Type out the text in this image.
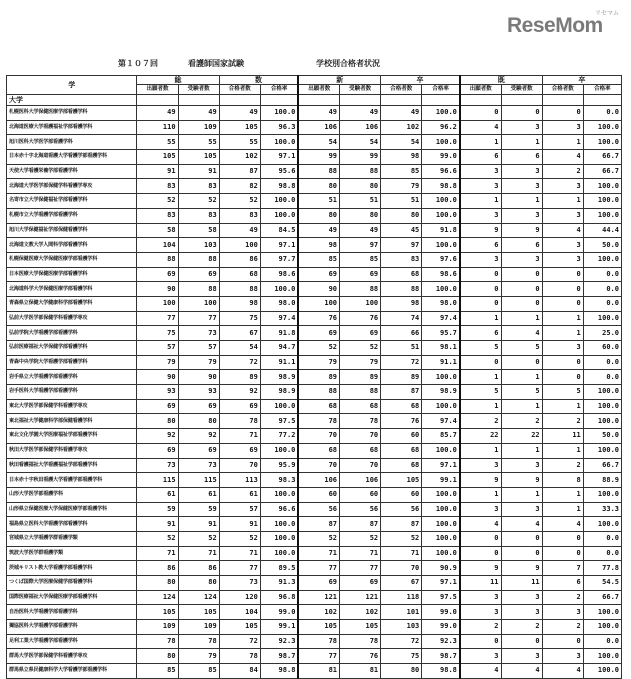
ReseMom
リセマム
第１０７回　	看護師国家試験	学校別合格者状況
学	総		数		新		卒		既		卒	
	出願者数	受験者数	合格者数	合格率	出願者数	受験者数	合格者数	合格率	出願者数	受験者数	合格者数	合格率
大学												
札幌医科大学保健医療学部看護学科	49	49	49	100.0	49	49	49	100.0	0	0	0	0.0
北海道医療大学看護福祉学部看護学科	110	109	105	96.3	106	106	102	96.2	4	3	3	100.0
旭川医科大学医学部看護学科	55	55	55	100.0	54	54	54	100.0	1	1	1	100.0
日本赤十字北海道看護大学看護学部看護学科	105	105	102	97.1	99	99	98	99.0	6	6	4	66.7
天使大学看護栄養学部看護学科	91	91	87	95.6	88	88	85	96.6	3	3	2	66.7
北海道大学医学部保健学科看護学専攻	83	83	82	98.8	80	80	79	98.8	3	3	3	100.0
名寄市立大学保健福祉学部看護学科	52	52	52	100.0	51	51	51	100.0	1	1	1	100.0
札幌市立大学看護学部看護学科	83	83	83	100.0	80	80	80	100.0	3	3	3	100.0
旭川大学保健福祉学部保健看護学科	58	58	49	84.5	49	49	45	91.8	9	9	4	44.4
北海道文教大学人間科学部看護学科	104	103	100	97.1	98	97	97	100.0	6	6	3	50.0
札幌保健医療大学保健医療学部看護学科	88	88	86	97.7	85	85	83	97.6	3	3	3	100.0
日本医療大学保健医療学部看護学科	69	69	68	98.6	69	69	68	98.6	0	0	0	0.0
北海道科学大学保健医療学部看護学科	90	88	88	100.0	90	88	88	100.0	0	0	0	0.0
青森県立保健大学健康科学部看護学科	100	100	98	98.0	100	100	98	98.0	0	0	0	0.0
弘前大学医学部保健学科看護学専攻	77	77	75	97.4	76	76	74	97.4	1	1	1	100.0
弘前学院大学看護学部看護学科	75	73	67	91.8	69	69	66	95.7	6	4	1	25.0
弘前医療福祉大学保健学部看護学科	57	57	54	94.7	52	52	51	98.1	5	5	3	60.0
青森中央学院大学看護学部看護学科	79	79	72	91.1	79	79	72	91.1	0	0	0	0.0
岩手県立大学看護学部看護学科	90	90	89	98.9	89	89	89	100.0	1	1	0	0.0
岩手医科大学看護学部看護学科	93	93	92	98.9	88	88	87	98.9	5	5	5	100.0
東北大学医学部保健学科看護学専攻	69	69	69	100.0	68	68	68	100.0	1	1	1	100.0
東北福祉大学健康科学部保健看護学科	80	80	78	97.5	78	78	76	97.4	2	2	2	100.0
東北文化学園大学医療福祉学部看護学科	92	92	71	77.2	70	70	60	85.7	22	22	11	50.0
秋田大学医学部保健学科看護学専攻	69	69	69	100.0	68	68	68	100.0	1	1	1	100.0
秋田看護福祉大学看護福祉学部看護学科	73	73	70	95.9	70	70	68	97.1	3	3	2	66.7
日本赤十字秋田看護大学看護学部看護学科	115	115	113	98.3	106	106	105	99.1	9	9	8	88.9
山形大学医学部看護学科	61	61	61	100.0	60	60	60	100.0	1	1	1	100.0
山形県立保健医療大学保健医療学部看護学科	59	59	57	96.6	56	56	56	100.0	3	3	1	33.3
福島県立医科大学看護学部看護学科	91	91	91	100.0	87	87	87	100.0	4	4	4	100.0
宮城県立大学看護学群看護学類	52	52	52	100.0	52	52	52	100.0	0	0	0	0.0
筑波大学医学群看護学類	71	71	71	100.0	71	71	71	100.0	0	0	0	0.0
茨城キリスト教大学看護学部看護学科	86	86	77	89.5	77	77	70	90.9	9	9	7	77.8
つくば国際大学医療保健学部看護学科	80	80	73	91.3	69	69	67	97.1	11	11	6	54.5
国際医療福祉大学保健医療学部看護学科	124	124	120	96.8	121	121	118	97.5	3	3	2	66.7
自治医科大学看護学部看護学科	105	105	104	99.0	102	102	101	99.0	3	3	3	100.0
獨協医科大学看護学部看護学科	109	109	105	99.1	105	105	103	99.0	2	2	2	100.0
足利工業大学看護学部看護学科	78	78	72	92.3	78	78	72	92.3	0	0	0	0.0
群馬大学医学部保健学科看護学専攻	80	79	78	98.7	77	76	75	98.7	3	3	3	100.0
群馬県立県民健康科学大学看護学部看護学科	85	85	84	98.8	81	81	80	98.8	4	4	4	100.0
